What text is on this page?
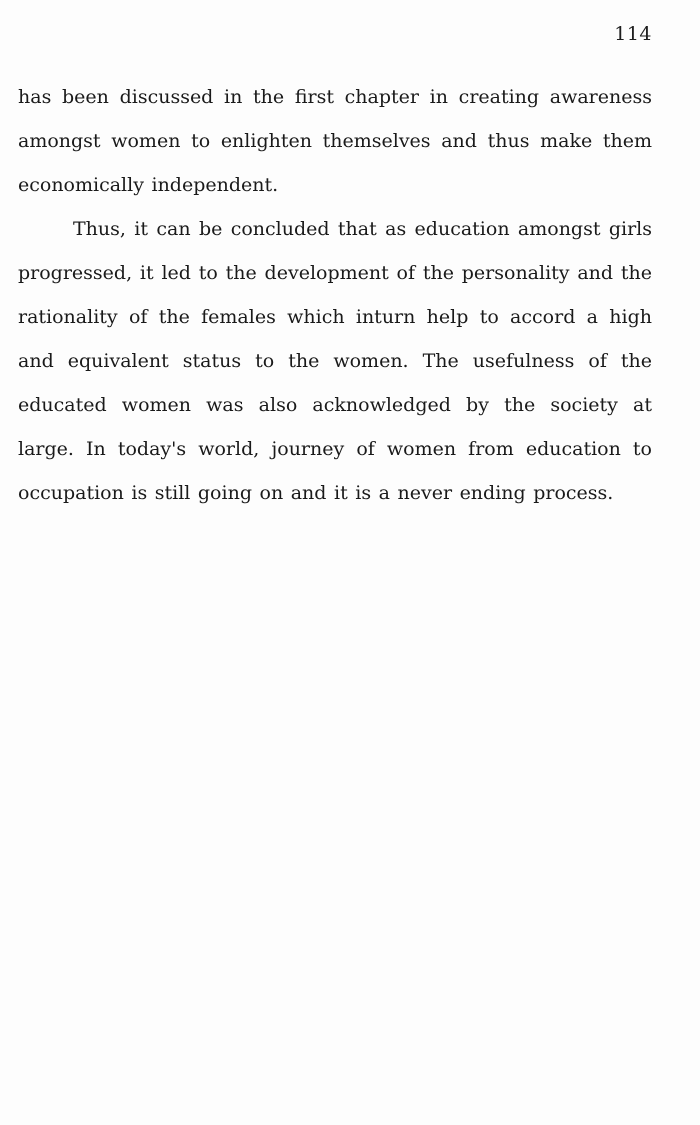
114

has been discussed in the first chapter in creating awareness amongst women to enlighten themselves and thus make them economically independent.

Thus, it can be concluded that as education amongst girls progressed, it led to the development of the personality and the rationality of the females which inturn help to accord a high and equivalent status to the women. The usefulness of the educated women was also acknowledged by the society at large. In today's world, journey of women from education to occupation is still going on and it is a never ending process.
